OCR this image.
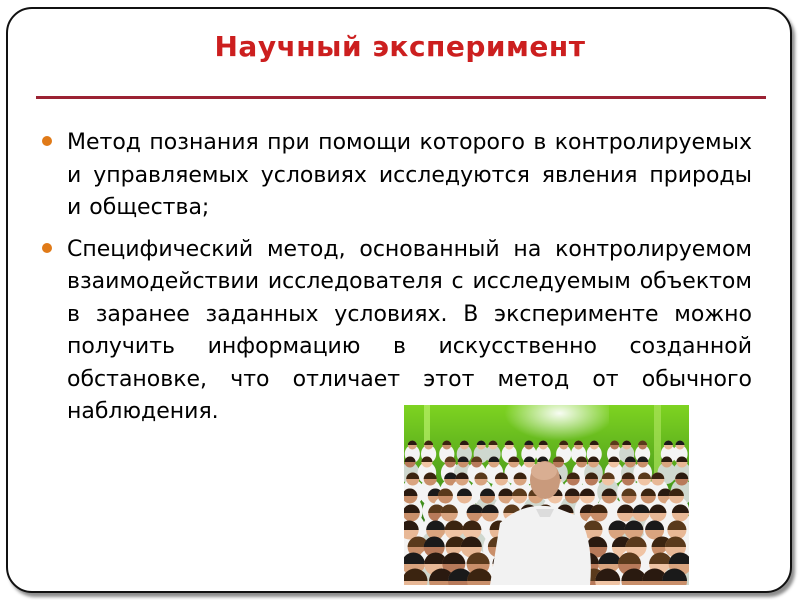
Научный эксперимент
Метод познания при помощи которого в контролируемых и управляемых условиях исследуются явления природы и общества;
Специфический метод, основанный на контролируемом взаимодействии исследователя с исследуемым объектом в заранее заданных условиях. В эксперименте можно получить информацию в искусственно созданной обстановке, что отличает этот метод от обычного наблюдения.
